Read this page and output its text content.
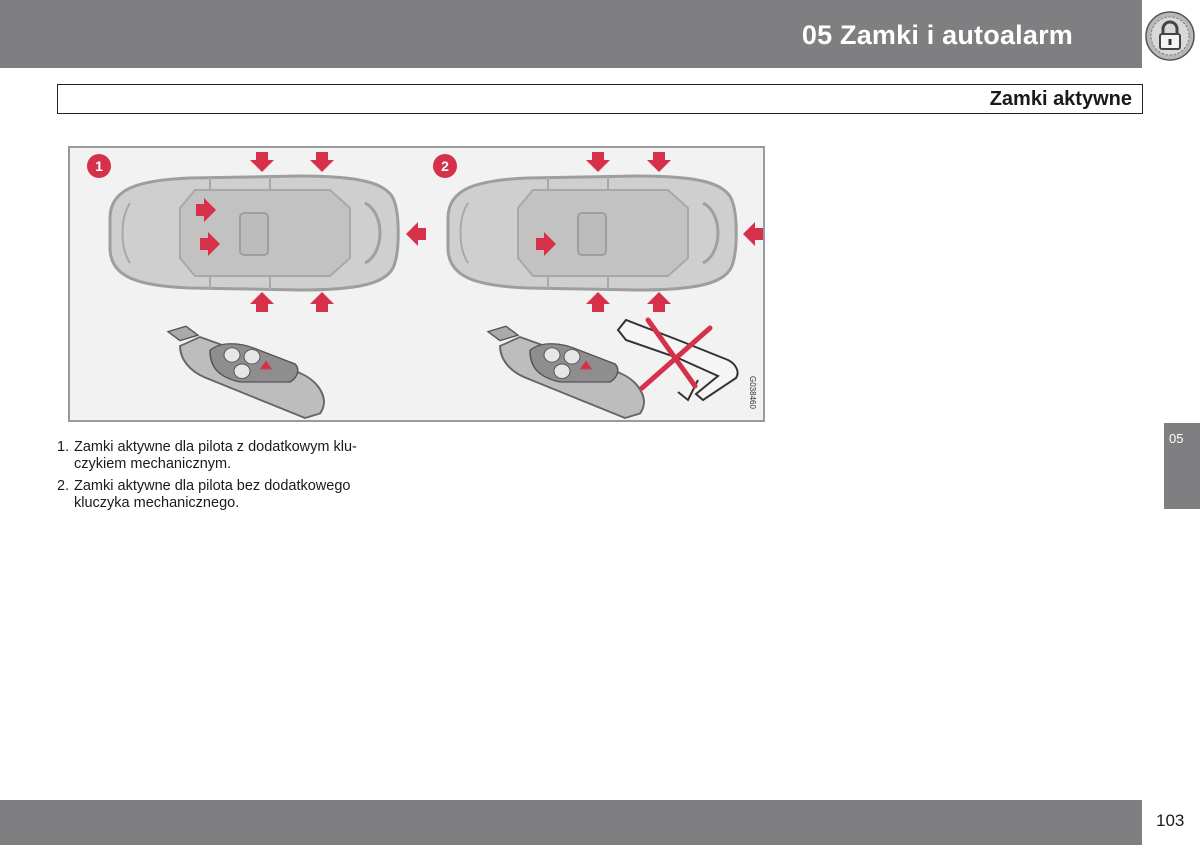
05 Zamki i autoalarm
Zamki aktywne
1	2
G038460
1. Zamki aktywne dla pilota z dodatkowym klu-czykiem mechanicznym.
2. Zamki aktywne dla pilota bez dodatkowego kluczyka mechanicznego.
05
103
